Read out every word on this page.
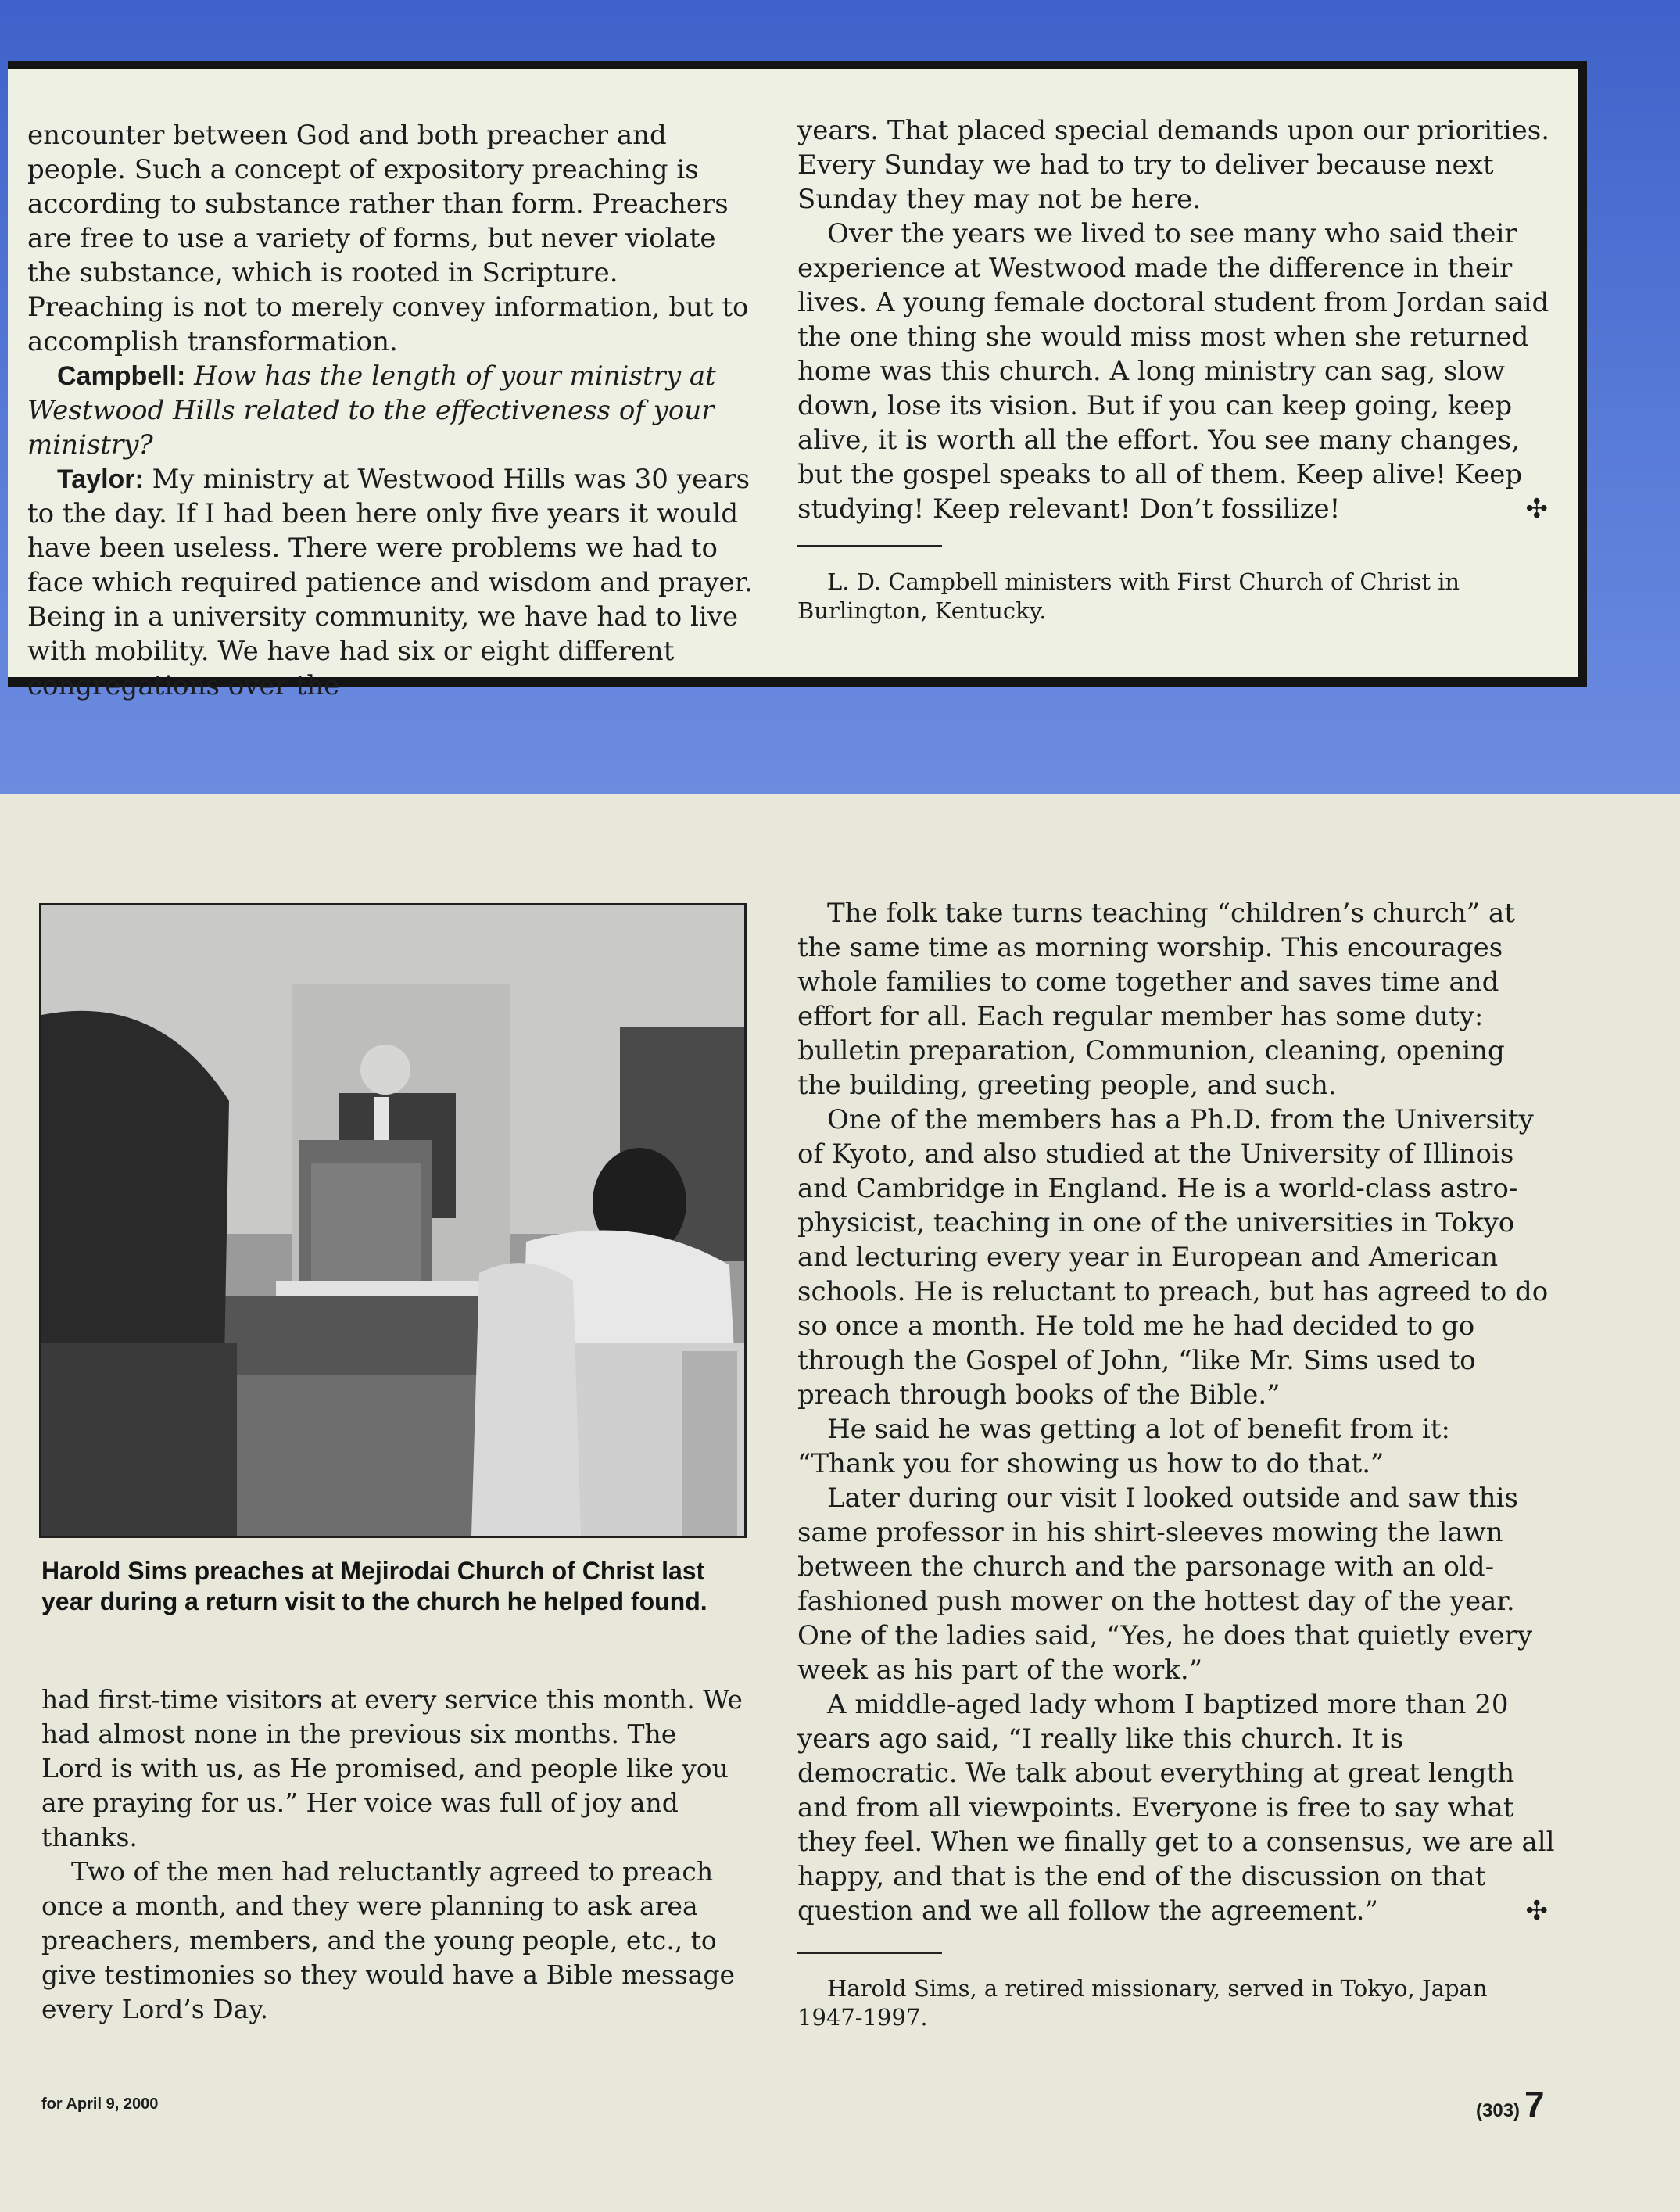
encounter between God and both preacher and people. Such a concept of expository preaching is according to substance rather than form. Preachers are free to use a variety of forms, but never violate the substance, which is rooted in Scripture. Preaching is not to merely convey information, but to accomplish transformation.

Campbell: How has the length of your ministry at Westwood Hills related to the effectiveness of your ministry?

Taylor: My ministry at Westwood Hills was 30 years to the day. If I had been here only five years it would have been useless. There were problems we had to face which required patience and wisdom and prayer. Being in a university community, we have had to live with mobility. We have had six or eight different congregations over the

years. That placed special demands upon our priorities. Every Sunday we had to try to deliver because next Sunday they may not be here.

Over the years we lived to see many who said their experience at Westwood made the difference in their lives. A young female doctoral student from Jordan said the one thing she would miss most when she returned home was this church. A long ministry can sag, slow down, lose its vision. But if you can keep going, keep alive, it is worth all the effort. You see many changes, but the gospel speaks to all of them. Keep alive! Keep studying! Keep relevant! Don’t fossilize!	✣

L. D. Campbell ministers with First Church of Christ in Burlington, Kentucky.

Harold Sims preaches at Mejirodai Church of Christ last year during a return visit to the church he helped found.

had first-time visitors at every service this month. We had almost none in the previous six months. The Lord is with us, as He promised, and people like you are praying for us.” Her voice was full of joy and thanks.

Two of the men had reluctantly agreed to preach once a month, and they were planning to ask area preachers, members, and the young people, etc., to give testimonies so they would have a Bible message every Lord’s Day.

The folk take turns teaching “children’s church” at the same time as morning worship. This encourages whole families to come together and saves time and effort for all. Each regular member has some duty: bulletin preparation, Communion, cleaning, opening the building, greeting people, and such.

One of the members has a Ph.D. from the University of Kyoto, and also studied at the University of Illinois and Cambridge in England. He is a world-class astro-physicist, teaching in one of the universities in Tokyo and lecturing every year in European and American schools. He is reluctant to preach, but has agreed to do so once a month. He told me he had decided to go through the Gospel of John, “like Mr. Sims used to preach through books of the Bible.”

He said he was getting a lot of benefit from it: “Thank you for showing us how to do that.”

Later during our visit I looked outside and saw this same professor in his shirt-sleeves mowing the lawn between the church and the parsonage with an old-fashioned push mower on the hottest day of the year. One of the ladies said, “Yes, he does that quietly every week as his part of the work.”

A middle-aged lady whom I baptized more than 20 years ago said, “I really like this church. It is democratic. We talk about everything at great length and from all viewpoints. Everyone is free to say what they feel. When we finally get to a consensus, we are all happy, and that is the end of the discussion on that question and we all follow the agreement.”	✣

Harold Sims, a retired missionary, served in Tokyo, Japan 1947-1997.

for April 9, 2000	(303) 7
